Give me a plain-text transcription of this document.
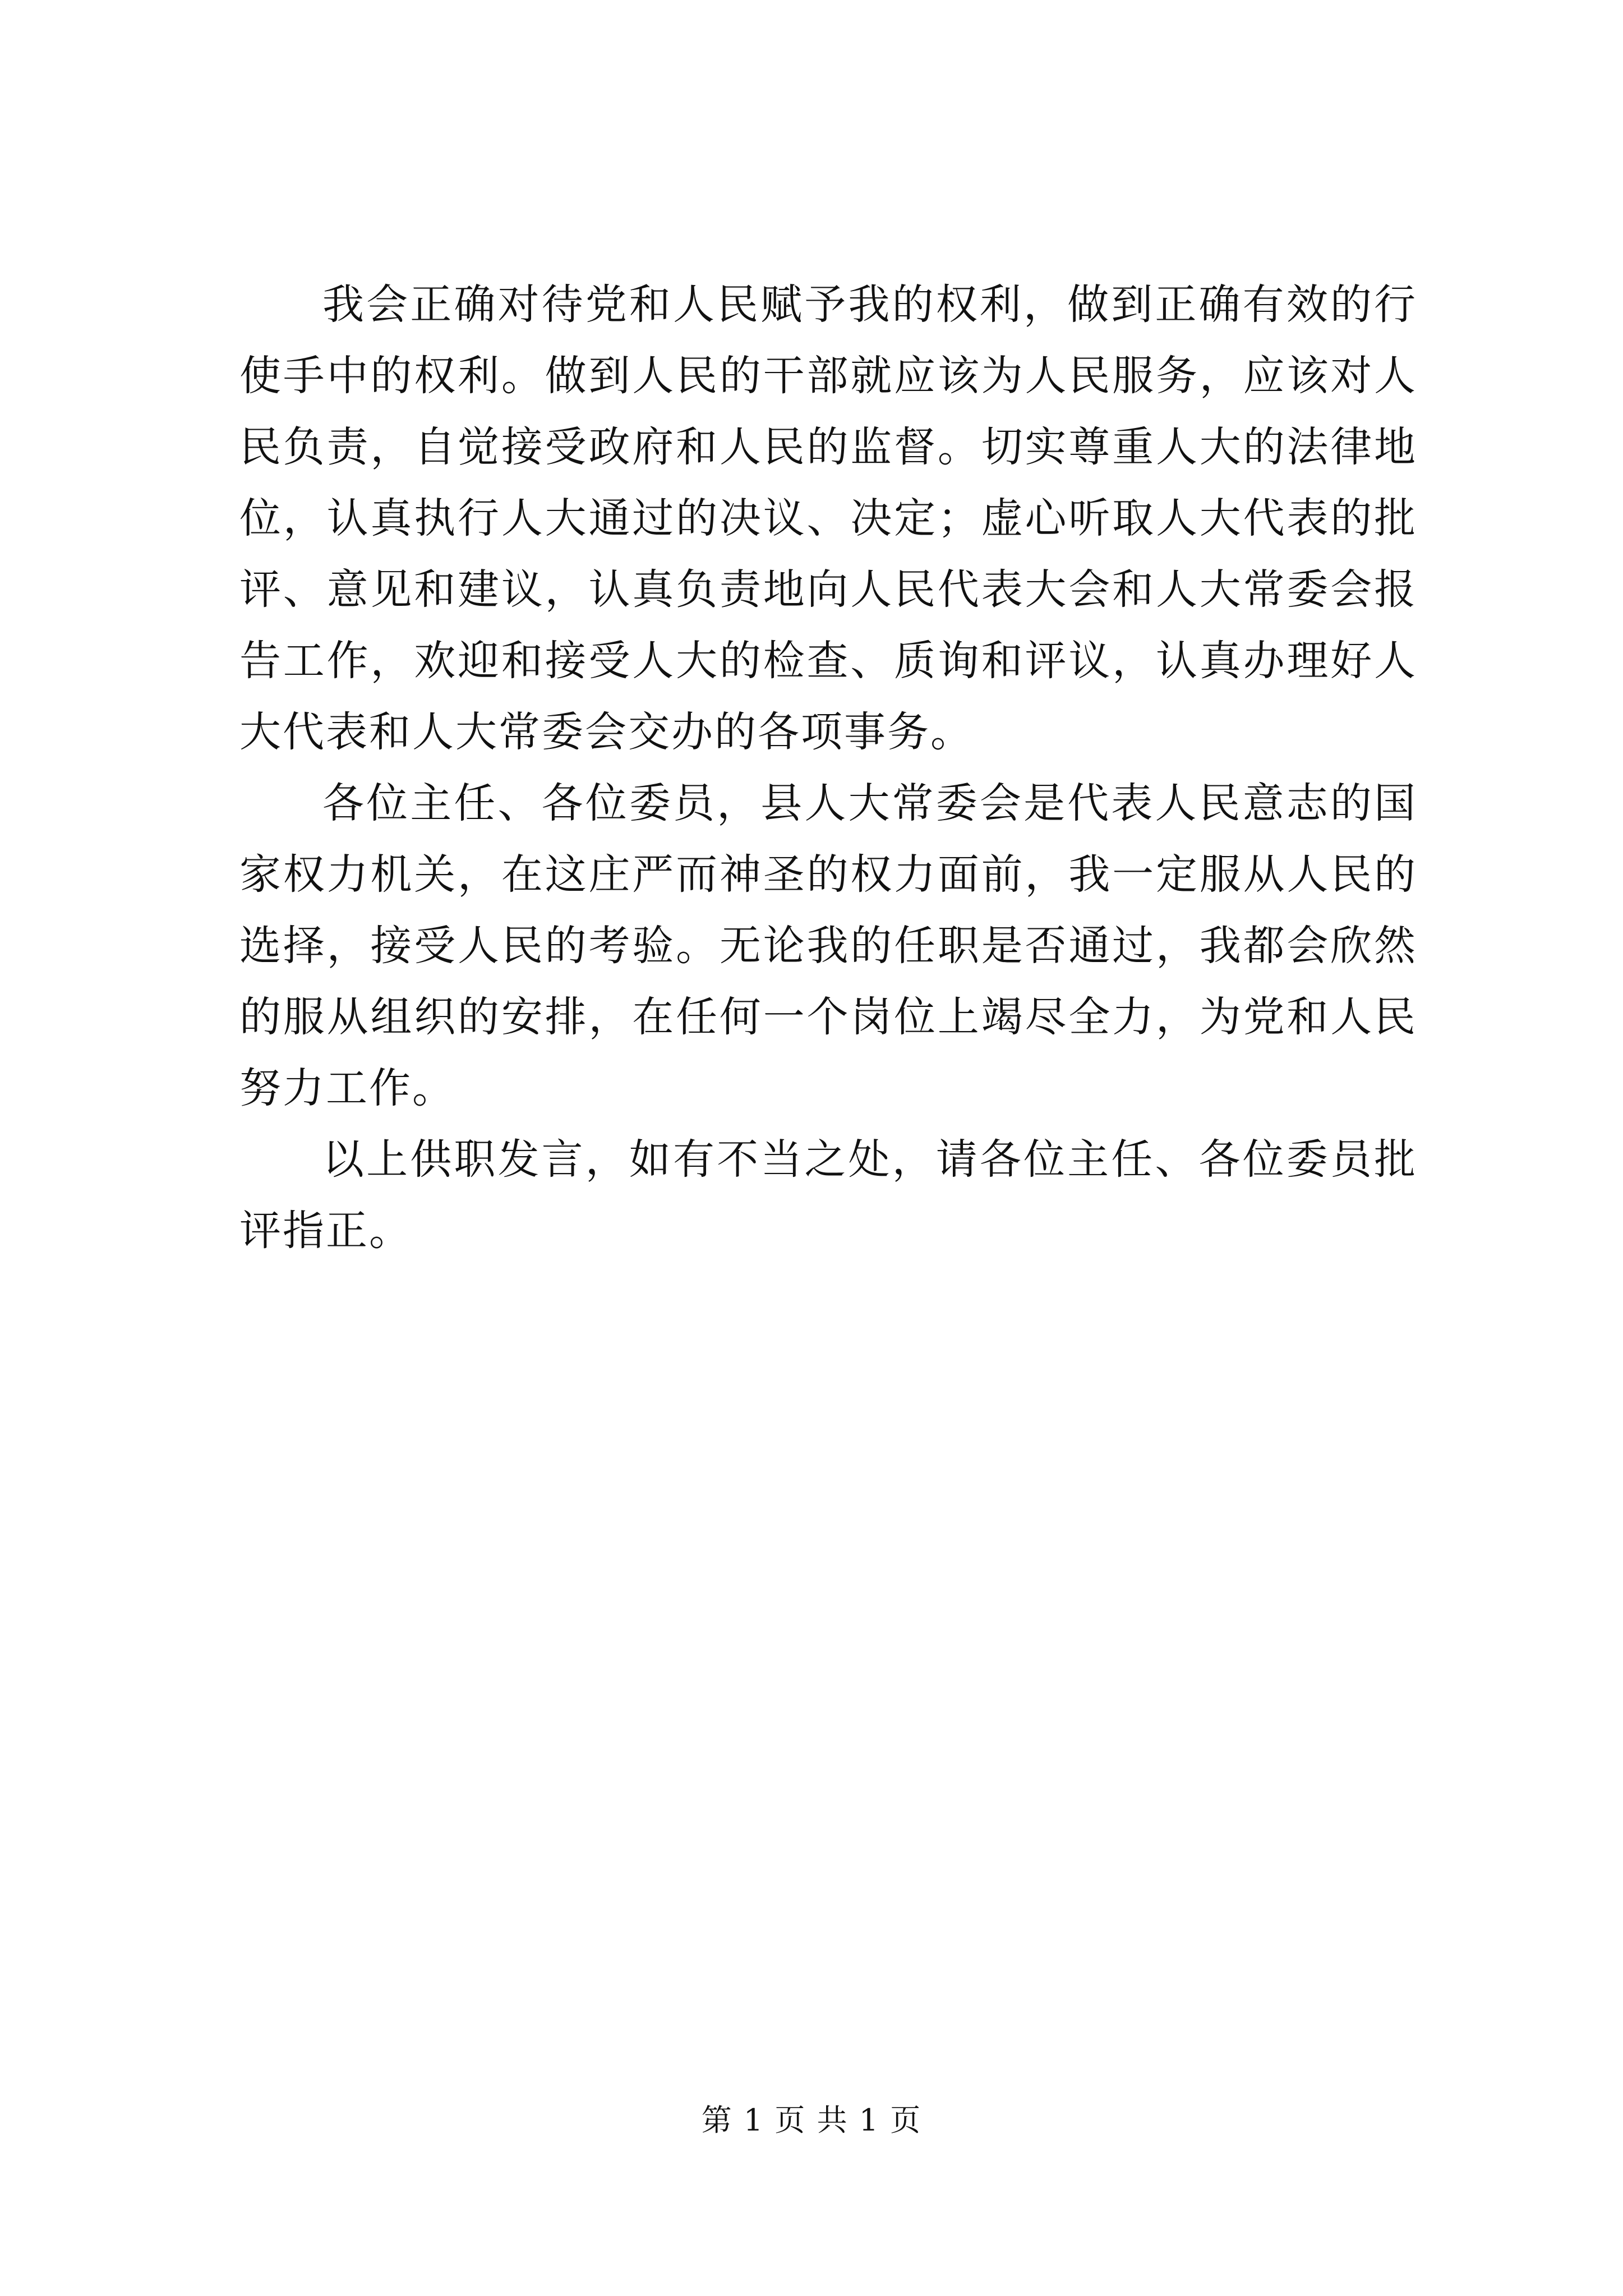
我会正确对待党和人民赋予我的权利，做到正确有效的行使手中的权利。做到人民的干部就应该为人民服务，应该对人民负责，自觉接受政府和人民的监督。切实尊重人大的法律地位，认真执行人大通过的决议、决定；虚心听取人大代表的批评、意见和建议，认真负责地向人民代表大会和人大常委会报告工作，欢迎和接受人大的检查、质询和评议，认真办理好人大代表和人大常委会交办的各项事务。

各位主任、各位委员，县人大常委会是代表人民意志的国家权力机关，在这庄严而神圣的权力面前，我一定服从人民的选择，接受人民的考验。无论我的任职是否通过，我都会欣然的服从组织的安排，在任何一个岗位上竭尽全力，为党和人民努力工作。

以上供职发言，如有不当之处，请各位主任、各位委员批评指正。

第 1 页 共 1 页
